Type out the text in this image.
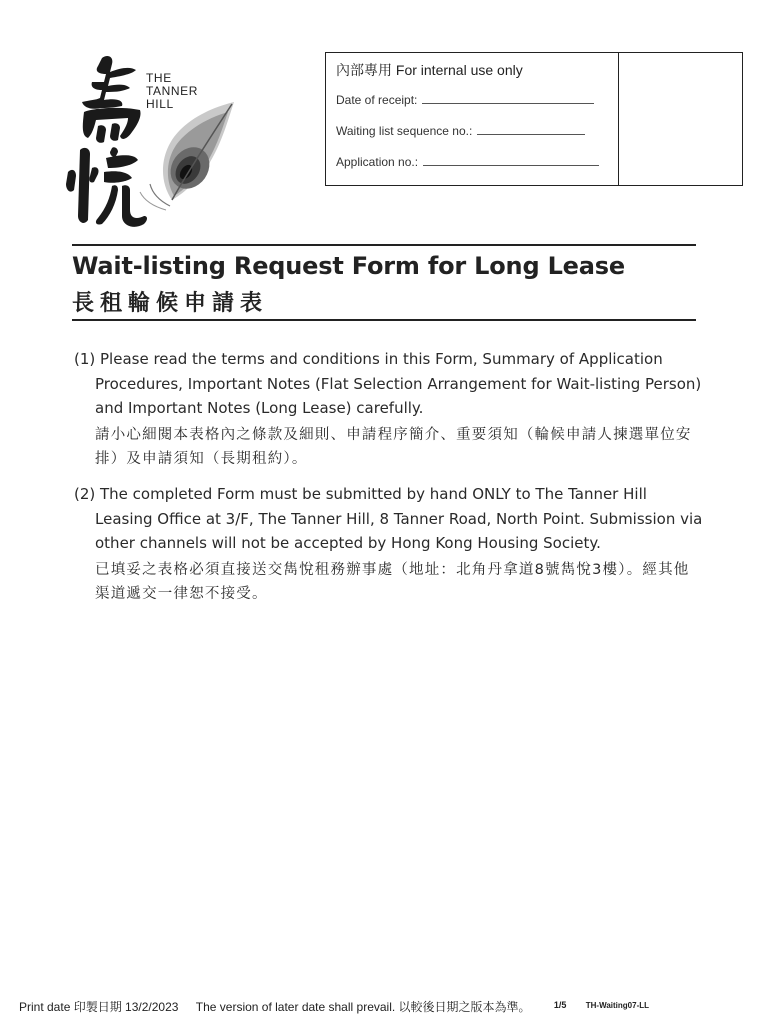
THE
TANNER
HILL
內部專用 For internal use only
Date of receipt:
Waiting list sequence no.:
Application no.:
Wait-listing Request Form for Long Lease
長租輪候申請表
(1) Please read the terms and conditions in this Form, Summary of Application Procedures, Important Notes (Flat Selection Arrangement for Wait-listing Person) and Important Notes (Long Lease) carefully.
請小心細閱本表格內之條款及細則、申請程序簡介、重要須知（輪候申請人揀選單位安排）及申請須知（長期租約）。
(2) The completed Form must be submitted by hand ONLY to The Tanner Hill Leasing Office at 3/F, The Tanner Hill, 8 Tanner Road, North Point. Submission via other channels will not be accepted by Hong Kong Housing Society.
已填妥之表格必須直接送交雋悅租務辦事處（地址：北角丹拿道8號雋悅3樓）。經其他渠道遞交一律恕不接受。
Print date 印製日期 13/2/2023 The version of later date shall prevail. 以較後日期之版本為準。	$^{1/5}$ $^{TH-Waiting07-LL}$
